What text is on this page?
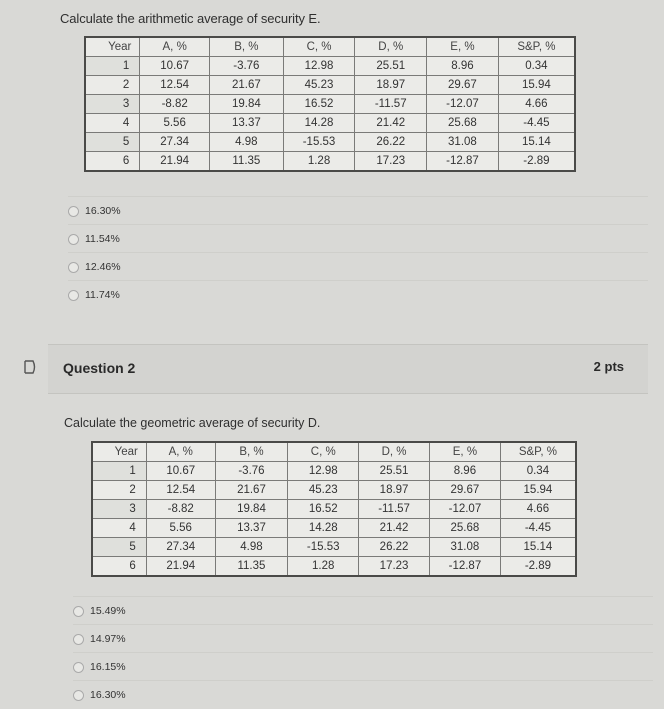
Calculate the arithmetic average of security E.
Year	A, %	B, %	C, %	D, %	E, %	S&P, %
1	10.67	-3.76	12.98	25.51	8.96	0.34
2	12.54	21.67	45.23	18.97	29.67	15.94
3	-8.82	19.84	16.52	-11.57	-12.07	4.66
4	5.56	13.37	14.28	21.42	25.68	-4.45
5	27.34	4.98	-15.53	26.22	31.08	15.14
6	21.94	11.35	1.28	17.23	-12.87	-2.89
16.30%
11.54%
12.46%
11.74%
Question 2	2 pts
Calculate the geometric average of security D.
Year	A, %	B, %	C, %	D, %	E, %	S&P, %
1	10.67	-3.76	12.98	25.51	8.96	0.34
2	12.54	21.67	45.23	18.97	29.67	15.94
3	-8.82	19.84	16.52	-11.57	-12.07	4.66
4	5.56	13.37	14.28	21.42	25.68	-4.45
5	27.34	4.98	-15.53	26.22	31.08	15.14
6	21.94	11.35	1.28	17.23	-12.87	-2.89
15.49%
14.97%
16.15%
16.30%
